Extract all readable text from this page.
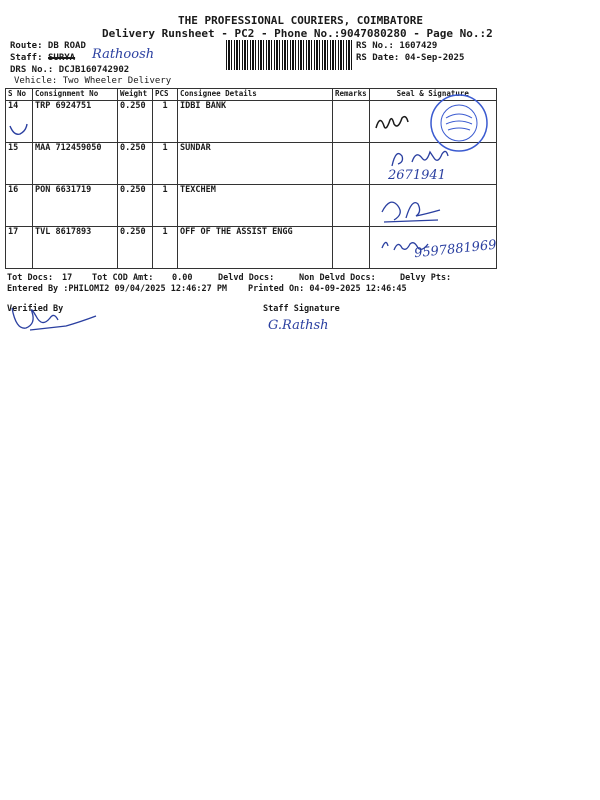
THE PROFESSIONAL COURIERS, COIMBATORE
Delivery Runsheet - PC2 - Phone No.:9047080280 - Page No.:2
Route: DB ROAD
Staff: SURYA
DRS No.: DCJB160742902
Vehicle: Two Wheeler Delivery
Rathoosh
RS No.: 1607429
RS Date: 04-Sep-2025
S No	Consignment No	Weight	PCS	Consignee Details	Remarks	Seal & Signature
14	TRP 6924751	0.250	1	IDBI BANK		
15	MAA 712459050	0.250	1	SUNDAR		
16	PON 6631719	0.250	1	TEXCHEM		
17	TVL 8617893	0.250	1	OFF OF THE ASSIST ENGG		
2671941
9597881969
Tot Docs: 17 Tot COD Amt: 0.00	Delvd Docs:	Non Delvd Docs:	Delvy Pts:
Entered By :PHILOMI2 09/04/2025 12:46:27 PM Printed On: 04-09-2025 12:46:45
Verified By	Staff Signature
G.Rathsh
